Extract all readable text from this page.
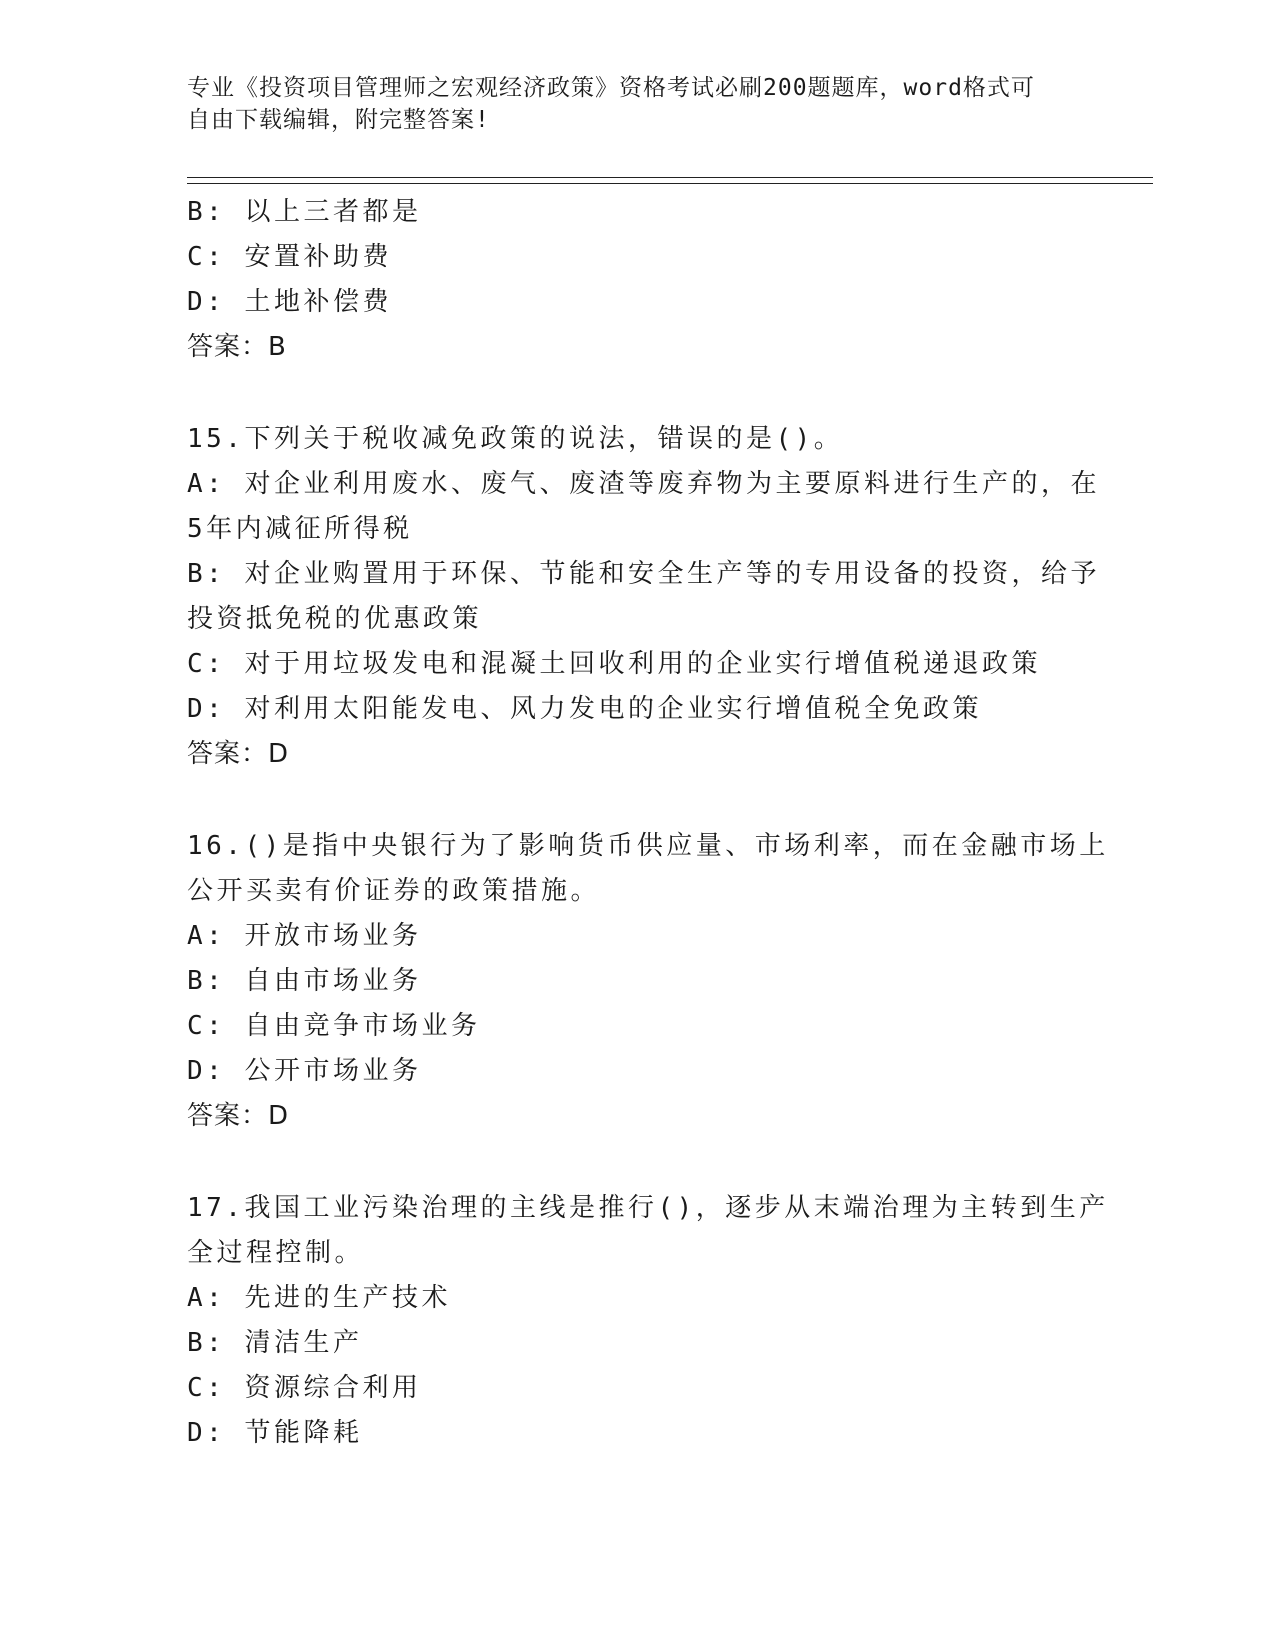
专业《投资项目管理师之宏观经济政策》资格考试必刷200题题库，word格式可
自由下载编辑，附完整答案!
B: 以上三者都是
C: 安置补助费
D: 土地补偿费
答案：B
15.下列关于税收减免政策的说法，错误的是()。
A: 对企业利用废水、废气、废渣等废弃物为主要原料进行生产的，在
5年内减征所得税
B: 对企业购置用于环保、节能和安全生产等的专用设备的投资，给予
投资抵免税的优惠政策
C: 对于用垃圾发电和混凝土回收利用的企业实行增值税递退政策
D: 对利用太阳能发电、风力发电的企业实行增值税全免政策
答案：D
16.()是指中央银行为了影响货币供应量、市场利率，而在金融市场上
公开买卖有价证券的政策措施。
A: 开放市场业务
B: 自由市场业务
C: 自由竞争市场业务
D: 公开市场业务
答案：D
17.我国工业污染治理的主线是推行()，逐步从末端治理为主转到生产
全过程控制。
A: 先进的生产技术
B: 清洁生产
C: 资源综合利用
D: 节能降耗
